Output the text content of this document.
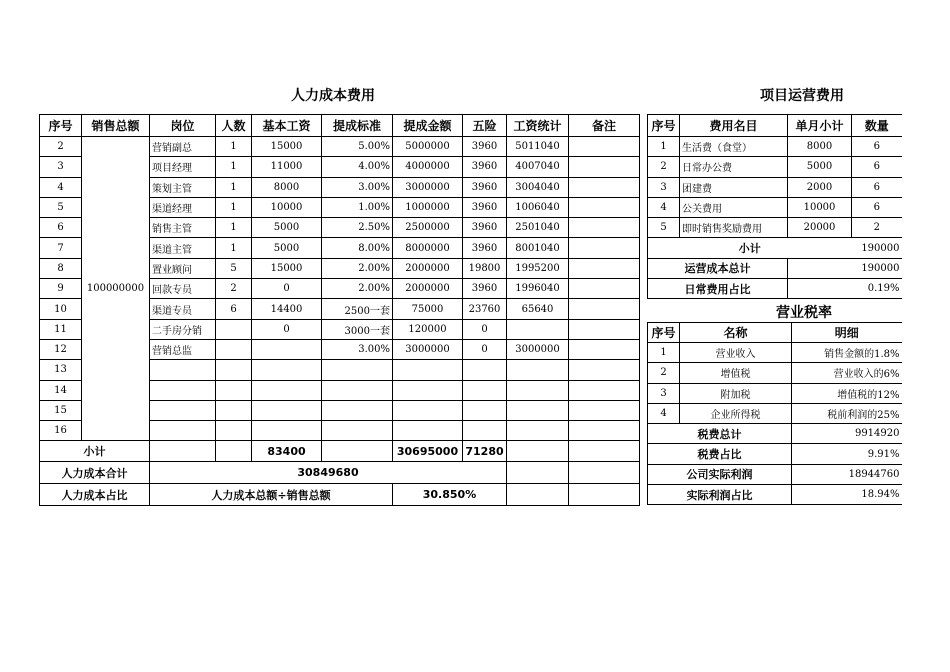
人力成本费用	项目运营费用
营业税率
序号	销售总额	岗位	人数	基本工资	提成标准	提成金额	五险	工资统计	备注
2	100000000	营销副总	1	15000	5.00%	5000000	3960	5011040	
3		项目经理	1	11000	4.00%	4000000	3960	4007040	
4		策划主管	1	8000	3.00%	3000000	3960	3004040	
5		渠道经理	1	10000	1.00%	1000000	3960	1006040	
6		销售主管	1	5000	2.50%	2500000	3960	2501040	
7		渠道主管	1	5000	8.00%	8000000	3960	8001040	
8		置业顾问	5	15000	2.00%	2000000	19800	1995200	
9		回款专员	2	0	2.00%	2000000	3960	1996040	
10		渠道专员	6	14400	2500一套	75000	23760	65640	
11		二手房分销		0	3000一套	120000	0		
12		营销总监			3.00%	3000000	0	3000000	
13									
14									
15									
16									
小计				83400		30695000	71280		
人力成本合计		30849680							
人力成本占比		人力成本总额÷销售总额				30.850%			
序号	费用名目	单月小计	数量
1	生活费（食堂）	8000	6
2	日常办公费	5000	6
3	团建费	2000	6
4	公关费用	10000	6
5	即时销售奖励费用	20000	2
小计			190000
运营成本总计		190000	
日常费用占比		0.19%	
序号	名称	明细
1	营业收入	销售金额的1.8%
2	增值税	营业收入的6%
3	附加税	增值税的12%
4	企业所得税	税前利润的25%
税费总计		9914920
税费占比		9.91%
公司实际利润		18944760
实际利润占比		18.94%
